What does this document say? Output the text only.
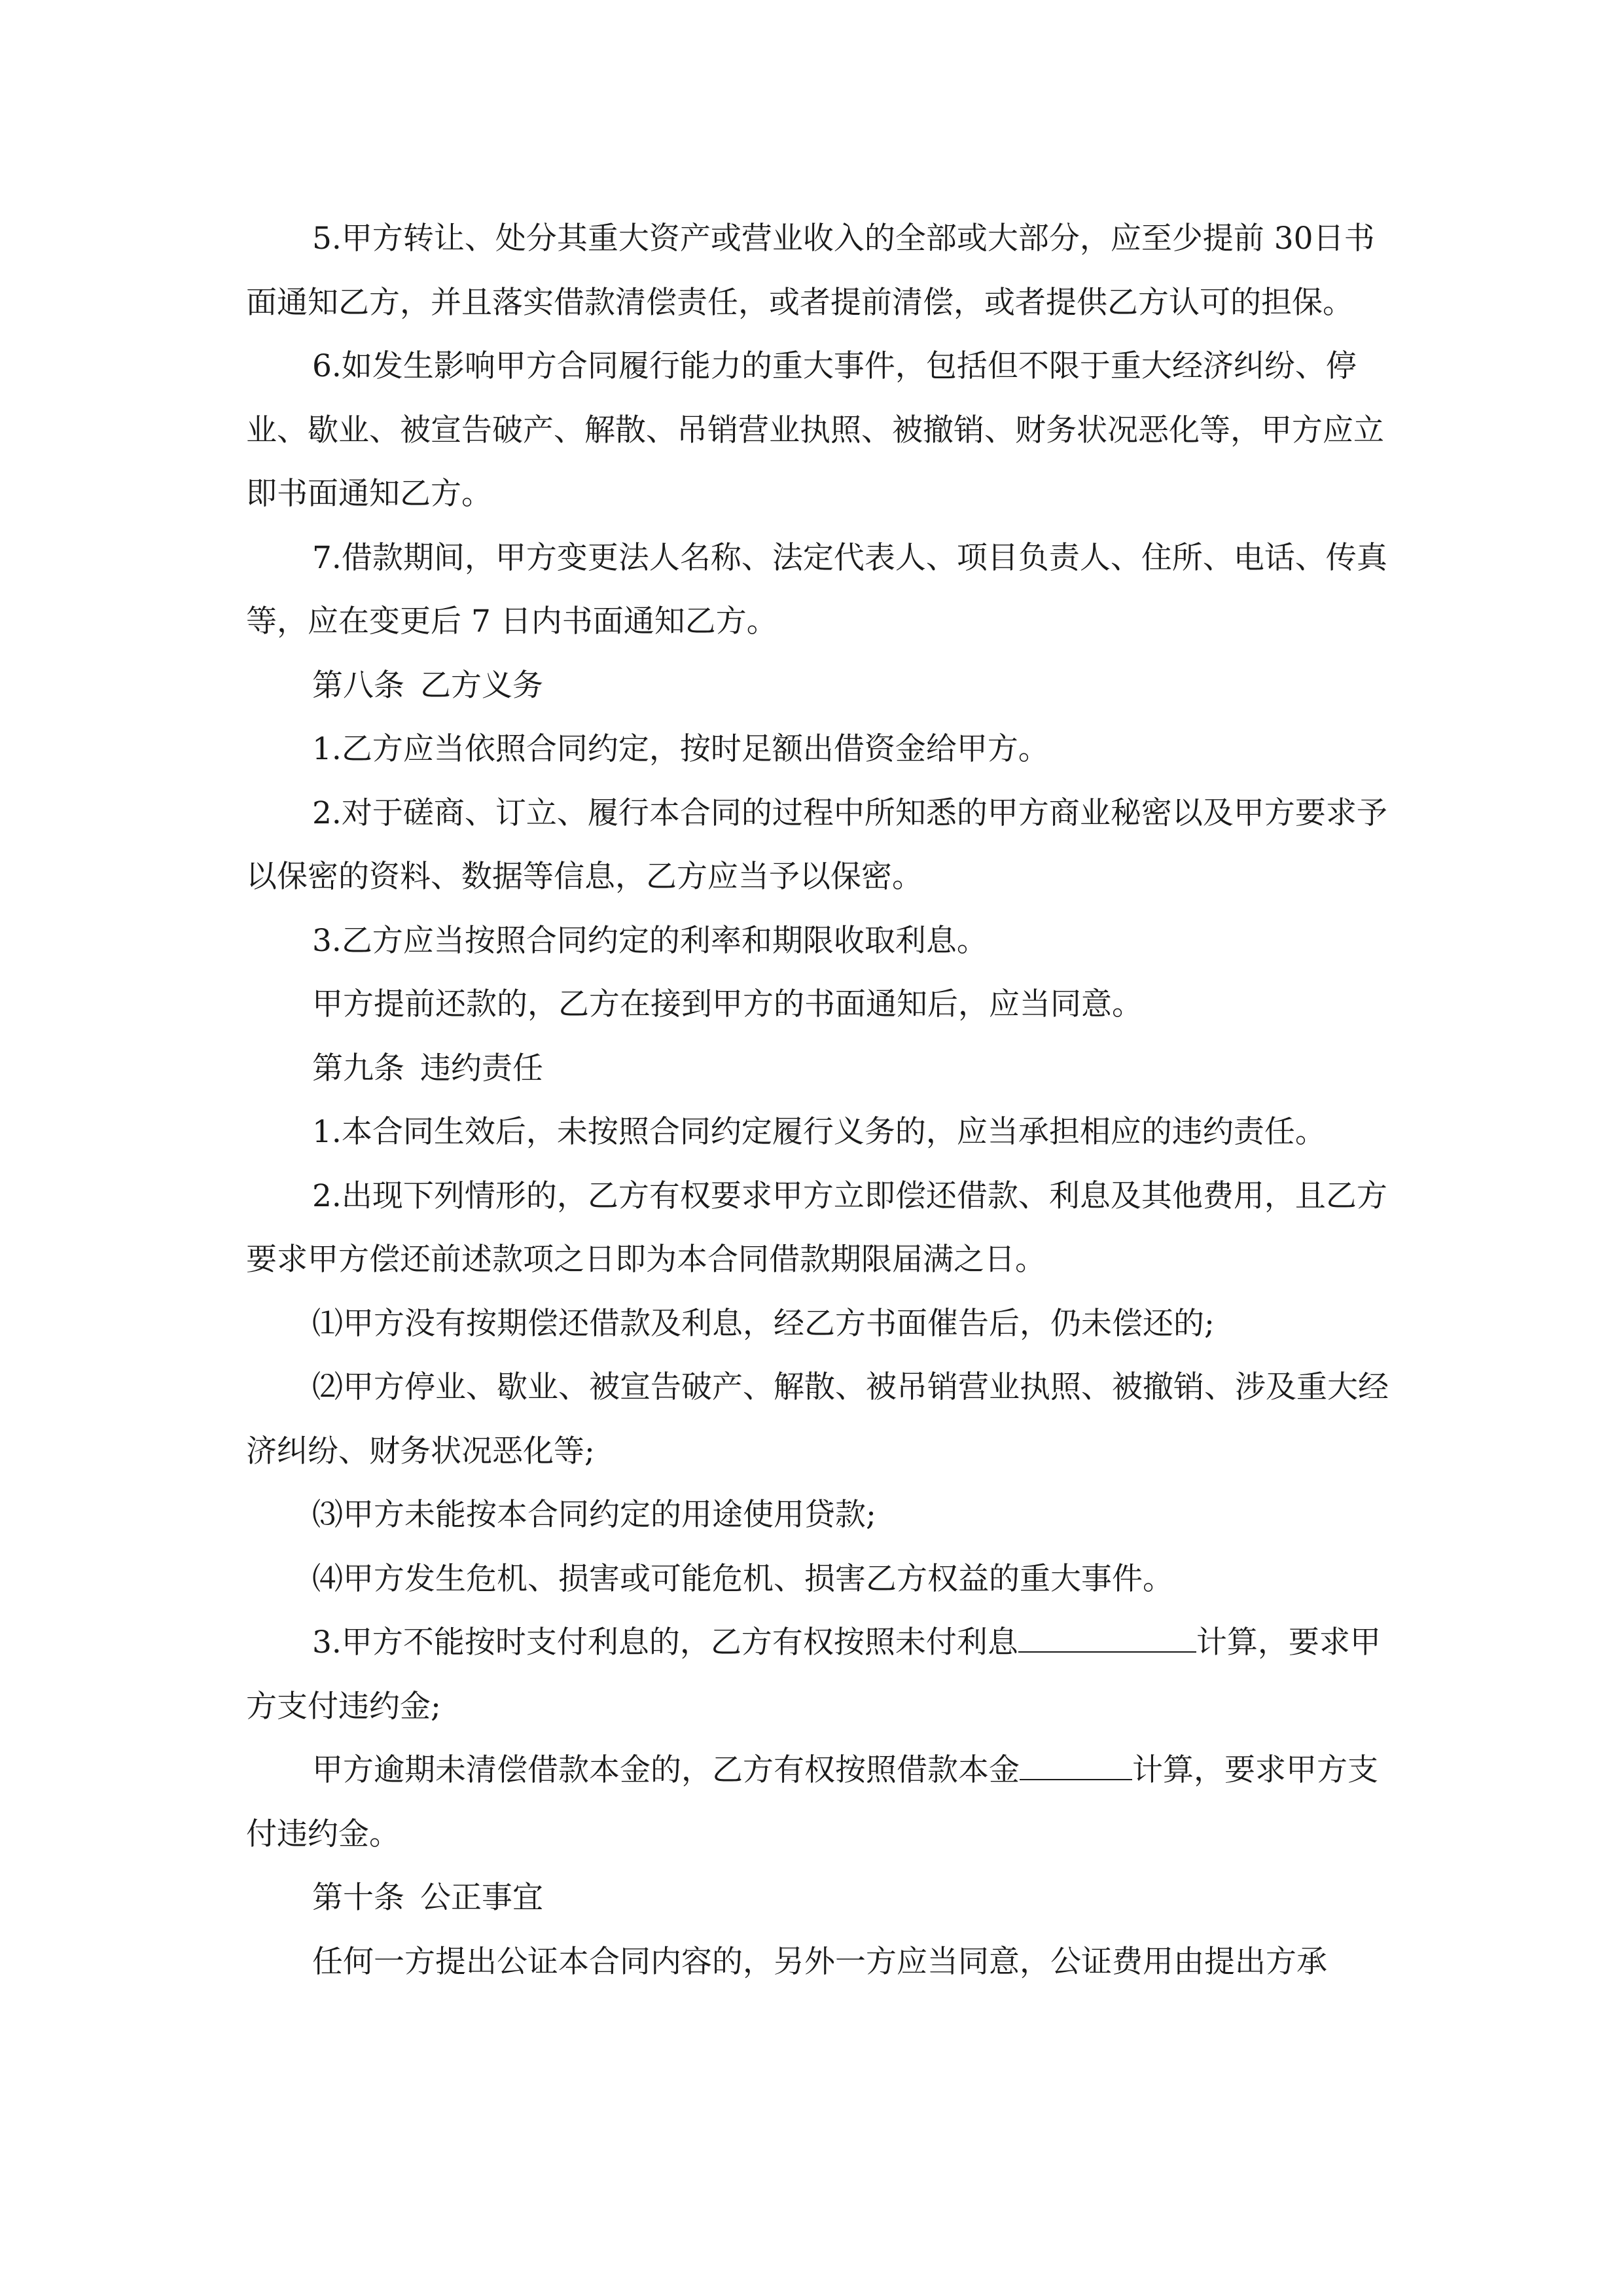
5.甲方转让、处分其重大资产或营业收入的全部或大部分，应至少提前 30日书面通知乙方，并且落实借款清偿责任，或者提前清偿，或者提供乙方认可的担保。

6.如发生影响甲方合同履行能力的重大事件，包括但不限于重大经济纠纷、停业、歇业、被宣告破产、解散、吊销营业执照、被撤销、财务状况恶化等，甲方应立即书面通知乙方。

7.借款期间，甲方变更法人名称、法定代表人、项目负责人、住所、电话、传真等，应在变更后 7 日内书面通知乙方。

第八条 乙方义务

1.乙方应当依照合同约定，按时足额出借资金给甲方。

2.对于磋商、订立、履行本合同的过程中所知悉的甲方商业秘密以及甲方要求予以保密的资料、数据等信息，乙方应当予以保密。

3.乙方应当按照合同约定的利率和期限收取利息。

甲方提前还款的，乙方在接到甲方的书面通知后，应当同意。

第九条 违约责任

1.本合同生效后，未按照合同约定履行义务的，应当承担相应的违约责任。

2.出现下列情形的，乙方有权要求甲方立即偿还借款、利息及其他费用，且乙方要求甲方偿还前述款项之日即为本合同借款期限届满之日。

⑴甲方没有按期偿还借款及利息，经乙方书面催告后，仍未偿还的;

⑵甲方停业、歇业、被宣告破产、解散、被吊销营业执照、被撤销、涉及重大经济纠纷、财务状况恶化等;

⑶甲方未能按本合同约定的用途使用贷款;

⑷甲方发生危机、损害或可能危机、损害乙方权益的重大事件。

3.甲方不能按时支付利息的，乙方有权按照未付利息	计算，要求甲方支付违约金;

甲方逾期未清偿借款本金的，乙方有权按照借款本金	计算，要求甲方支付违约金。

第十条 公正事宜

任何一方提出公证本合同内容的，另外一方应当同意，公证费用由提出方承
